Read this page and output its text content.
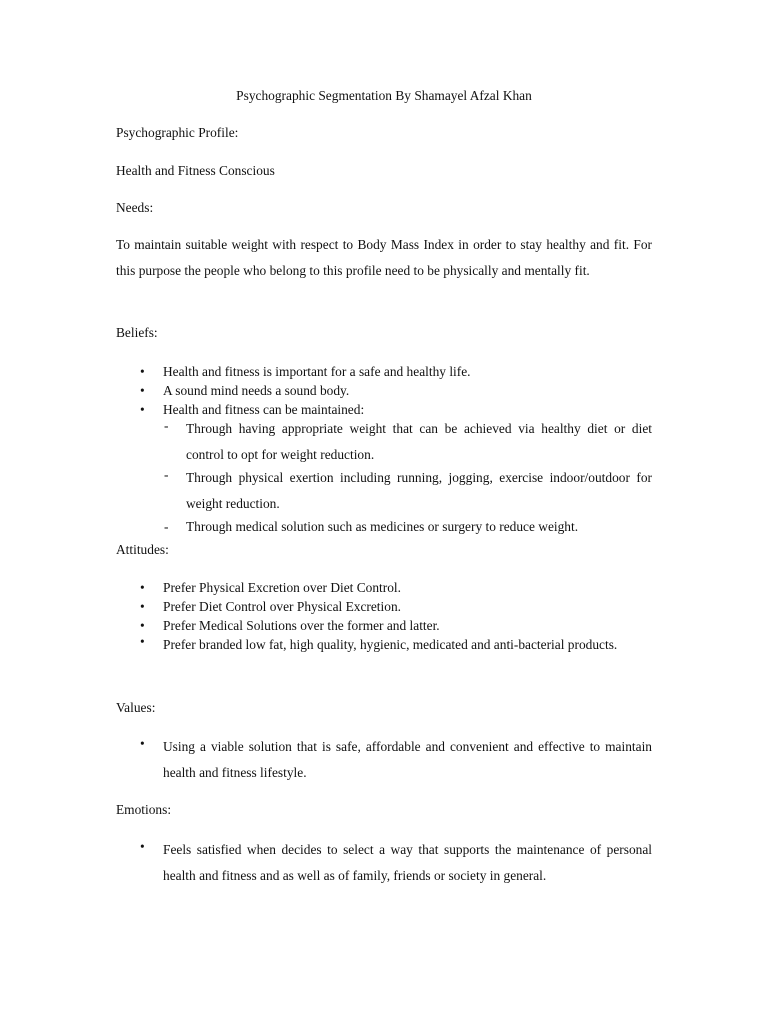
Psychographic Segmentation By Shamayel Afzal Khan

Psychographic Profile:

Health and Fitness Conscious

Needs:

To maintain suitable weight with respect to Body Mass Index in order to stay healthy and fit. For this purpose the people who belong to this profile need to be physically and mentally fit.

Beliefs:

• Health and fitness is important for a safe and healthy life.
• A sound mind needs a sound body.
• Health and fitness can be maintained:
- Through having appropriate weight that can be achieved via healthy diet or diet control to opt for weight reduction.
- Through physical exertion including running, jogging, exercise indoor/outdoor for weight reduction.
- Through medical solution such as medicines or surgery to reduce weight.

Attitudes:

• Prefer Physical Excretion over Diet Control.
• Prefer Diet Control over Physical Excretion.
• Prefer Medical Solutions over the former and latter.
• Prefer branded low fat, high quality, hygienic, medicated and anti-bacterial products.

Values:

• Using a viable solution that is safe, affordable and convenient and effective to maintain health and fitness lifestyle.

Emotions:

• Feels satisfied when decides to select a way that supports the maintenance of personal health and fitness and as well as of family, friends or society in general.
